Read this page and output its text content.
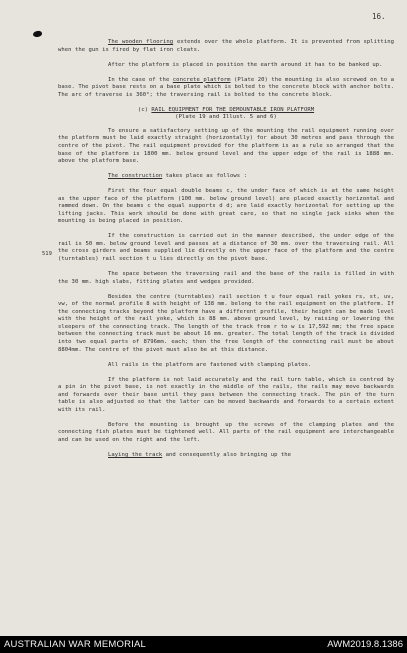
16.
519

The wooden flooring extends over the whole platform. It is prevented from splitting when the gun is fired by flat iron cleats.

After the platform is placed in position the earth around it has to be banked up.

In the case of the concrete platform (Plate 20) the mounting is also screwed on to a base. The pivot base rests on a base plate which is bolted to the concrete block with anchor bolts. The arc of traverse is 360°; the traversing rail is bolted to the concrete block.

(c) RAIL EQUIPMENT FOR THE DEMOUNTABLE IRON PLATFORM
(Plate 19 and Illust. 5 and 6)

To ensure a satisfactory setting up of the mounting the rail equipment running over the platform must be laid exactly straight (horizontally) for about 30 metres and pass through the centre of the pivot. The rail equipment provided for the platform is as a rule so arranged that the base of the platform is 1800 mm. below ground level and the upper edge of the rail is 1888 mm. above the platform base.

The construction takes place as follows :

First the four equal double beams c, the under face of which is at the same height as the upper face of the platform (100 mm. below ground level) are placed exactly horizontal and rammed down. On the beams c the equal supports d d; are laid exactly horizontal for setting up the lifting jacks. This work should be done with great care, so that no single jack sinks when the mounting is being placed in position.

If the construction is carried out in the manner described, the under edge of the rail is 50 mm. below ground level and passes at a distance of 30 mm. over the traversing rail. All the cross girders and beams supplied lie directly on the upper face of the platform and the centre (turntables) rail section t u lies directly on the pivot base.

The space between the traversing rail and the base of the rails is filled in with the 30 mm. high slabs, fitting plates and wedges provided.

Besides the centre (turntables) rail section t u four equal rail yokes rs, st, uv, vw, of the normal profile 8 with height of 138 mm. belong to the rail equipment on the platform. If the connecting tracks beyond the platform have a different profile, their height can be made level with the height of the rail yoke, which is 88 mm. above ground level, by raising or lowering the sleepers of the connecting track. The length of the track from r to w is 17,592 mm; the free space between the connecting track must be about 16 mm. greater. The total length of the track is divided into two equal parts of 8796mm. each; then the free length of the connecting rail must be about 8804mm. The centre of the pivot must also be at this distance.

All rails in the platform are fastened with clamping plates.

If the platform is not laid accurately and the rail turn table, which is centred by a pin in the pivot base, is not exactly in the middle of the rails, the rails may move backwards and forwards over their base until they pass between the connecting track. The pin of the turn table is also adjusted so that the latter can be moved backwards and forwards to a certain extent with its rail.

Before the mounting is brought up the screws of the clamping plates and the connecting fish plates must be tightened well. All parts of the rail equipment are interchangeable and can be used on the right and the left.

Laying the track and consequently also bringing up the

AUSTRALIAN WAR MEMORIAL	AWM2019.8.1386
